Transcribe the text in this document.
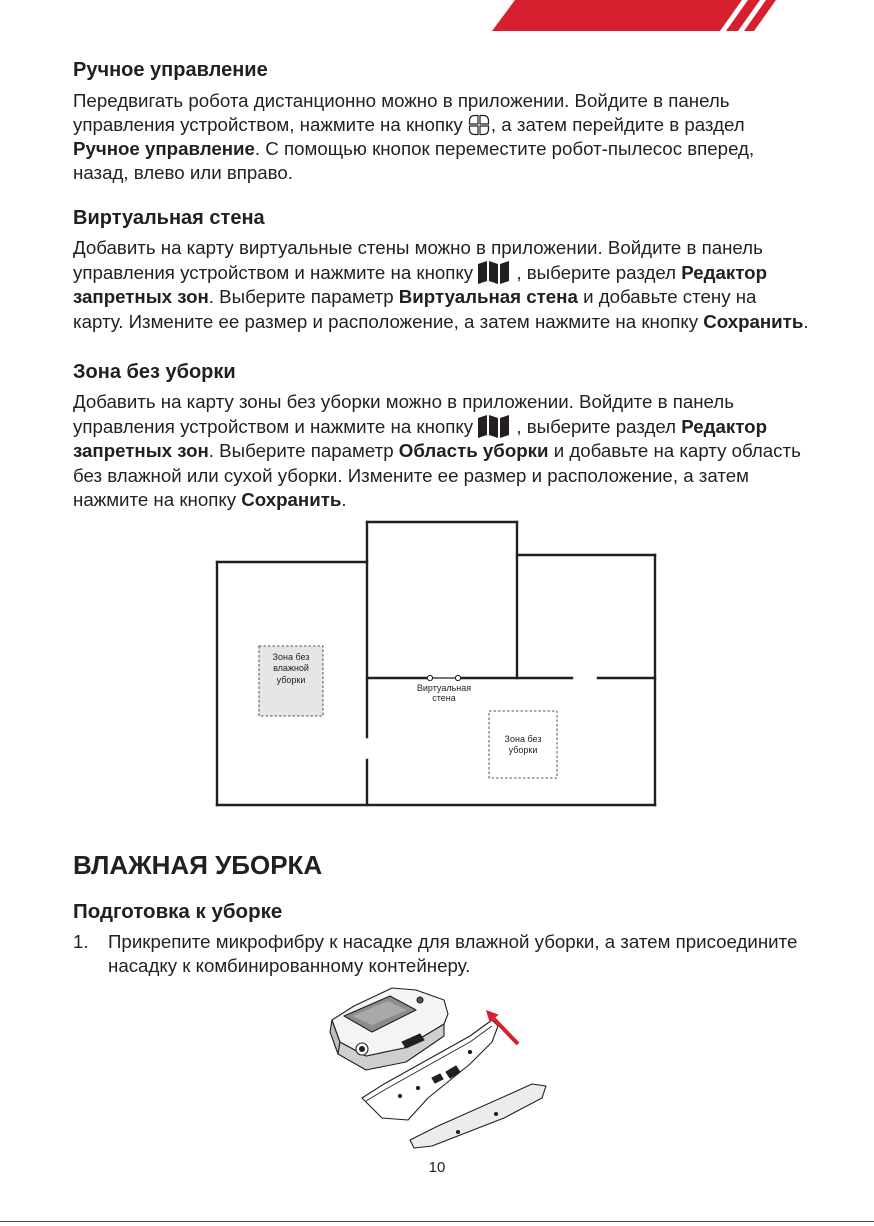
Ручное управление
Передвигать робота дистанционно можно в приложении. Войдите в панель
управления устройством, нажмите на кнопку
, а затем перейдите в раздел
Ручное управление. С помощью кнопок переместите робот-пылесос вперед,
назад, влево или вправо.
Виртуальная стена
Добавить на карту виртуальные стены можно в приложении. Войдите в панель
управления устройством и нажмите на кнопку
, выберите раздел Редактор
запретных зон. Выберите параметр Виртуальная стена и добавьте стену на
карту. Измените ее размер и расположение, а затем нажмите на кнопку Сохранить.
Зона без уборки
Добавить на карту зоны без уборки можно в приложении. Войдите в панель
управления устройством и нажмите на кнопку
, выберите раздел Редактор
запретных зон. Выберите параметр Область уборки и добавьте на карту область
без влажной или сухой уборки. Измените ее размер и расположение, а затем
нажмите на кнопку Сохранить.
Зона без
влажной
уборки
Виртуальная
стена
Зона без
уборки
ВЛАЖНАЯ УБОРКА
Подготовка к уборке
1. Прикрепите микрофибру к насадке для влажной уборки, а затем присоедините
насадку к комбинированному контейнеру.
10
